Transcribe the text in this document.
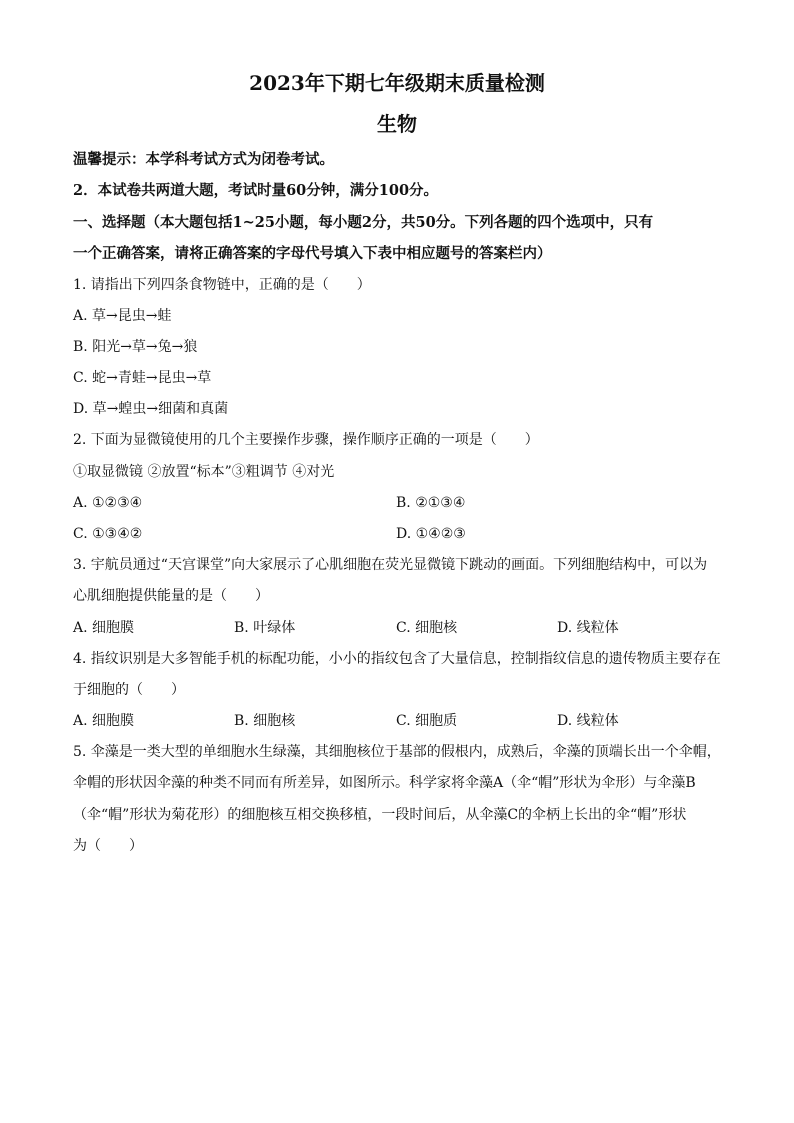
2023年下期七年级期末质量检测
生物
温馨提示：本学科考试方式为闭卷考试。
2．本试卷共两道大题，考试时量60分钟，满分100分。
一、选择题（本大题包括1~25小题，每小题2分，共50分。下列各题的四个选项中，只有
一个正确答案，请将正确答案的字母代号填入下表中相应题号的答案栏内）
1. 请指出下列四条食物链中，正确的是（　　）
A. 草→昆虫→蛙
B. 阳光→草→兔→狼
C. 蛇→青蛙→昆虫→草
D. 草→蝗虫→细菌和真菌
2. 下面为显微镜使用的几个主要操作步骤，操作顺序正确的一项是（　　）
①取显微镜 ②放置“标本”③粗调节 ④对光
A. ①②③④	B. ②①③④
C. ①③④②	D. ①④②③
3. 宇航员通过“天宫课堂”向大家展示了心肌细胞在荧光显微镜下跳动的画面。下列细胞结构中，可以为
心肌细胞提供能量的是（　　）
A. 细胞膜	B. 叶绿体	C. 细胞核	D. 线粒体
4. 指纹识别是大多智能手机的标配功能，小小的指纹包含了大量信息，控制指纹信息的遗传物质主要存在
于细胞的（　　）
A. 细胞膜	B. 细胞核	C. 细胞质	D. 线粒体
5. 伞藻是一类大型的单细胞水生绿藻，其细胞核位于基部的假根内，成熟后，伞藻的顶端长出一个伞帽，
伞帽的形状因伞藻的种类不同而有所差异，如图所示。科学家将伞藻A（伞“帽”形状为伞形）与伞藻B
（伞“帽”形状为菊花形）的细胞核互相交换移植，一段时间后，从伞藻C的伞柄上长出的伞“帽”形状
为（　　）
